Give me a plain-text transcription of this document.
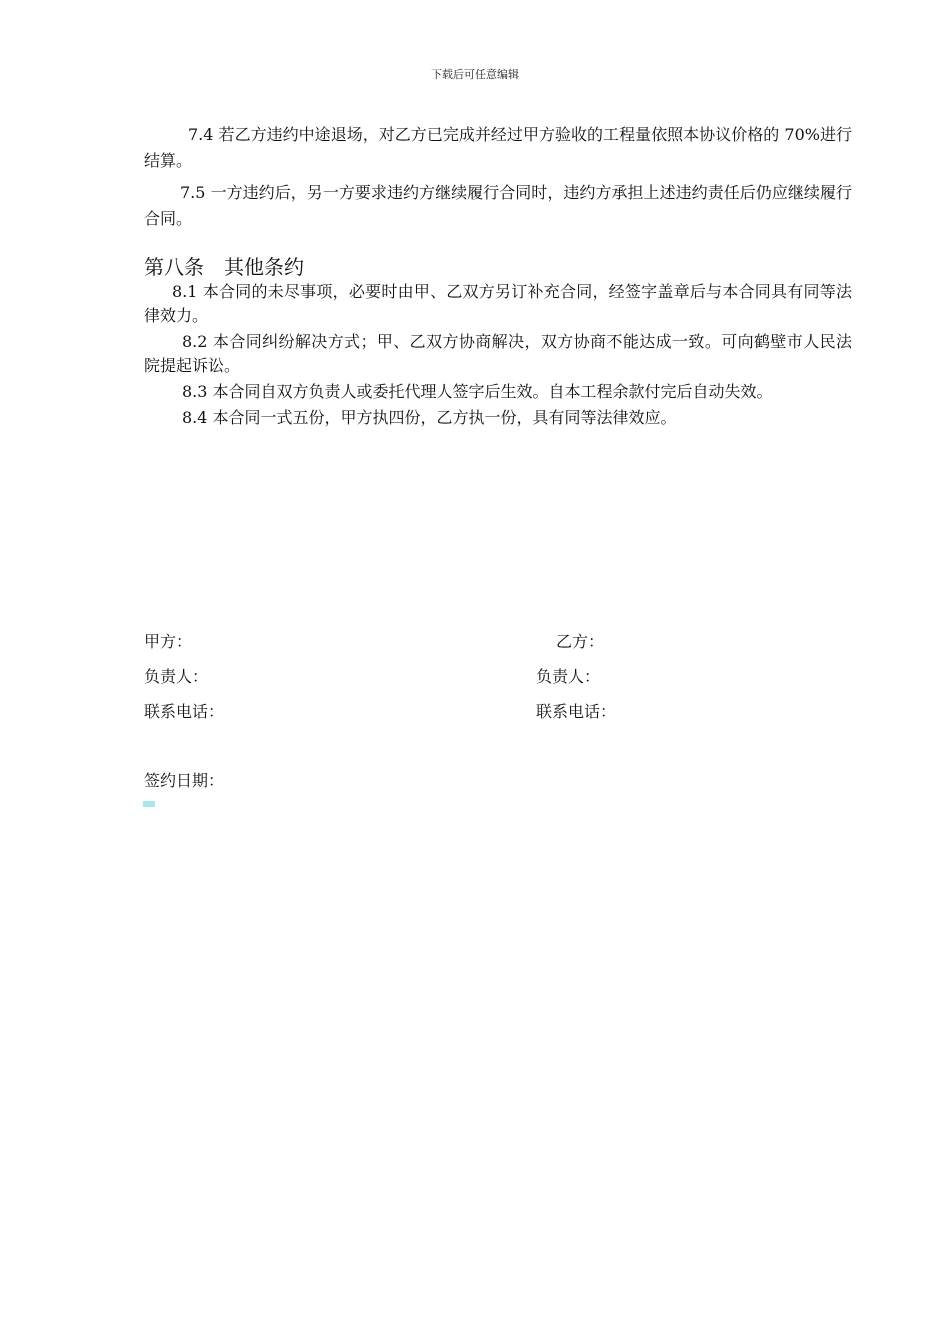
下载后可任意编辑

7.4 若乙方违约中途退场，对乙方已完成并经过甲方验收的工程量依照本协议价格的 70%进行结算。

7.5 一方违约后，另一方要求违约方继续履行合同时，违约方承担上述违约责任后仍应继续履行合同。

第八条　其他条约

8.1 本合同的未尽事项，必要时由甲、乙双方另订补充合同，经签字盖章后与本合同具有同等法律效力。

8.2 本合同纠纷解决方式；甲、乙双方协商解决，双方协商不能达成一致。可向鹤壁市人民法院提起诉讼。

8.3 本合同自双方负责人或委托代理人签字后生效。自本工程余款付完后自动失效。

8.4 本合同一式五份，甲方执四份，乙方执一份，具有同等法律效应。

甲方：	乙方：
负责人：	负责人：
联系电话：	联系电话：
签约日期：
